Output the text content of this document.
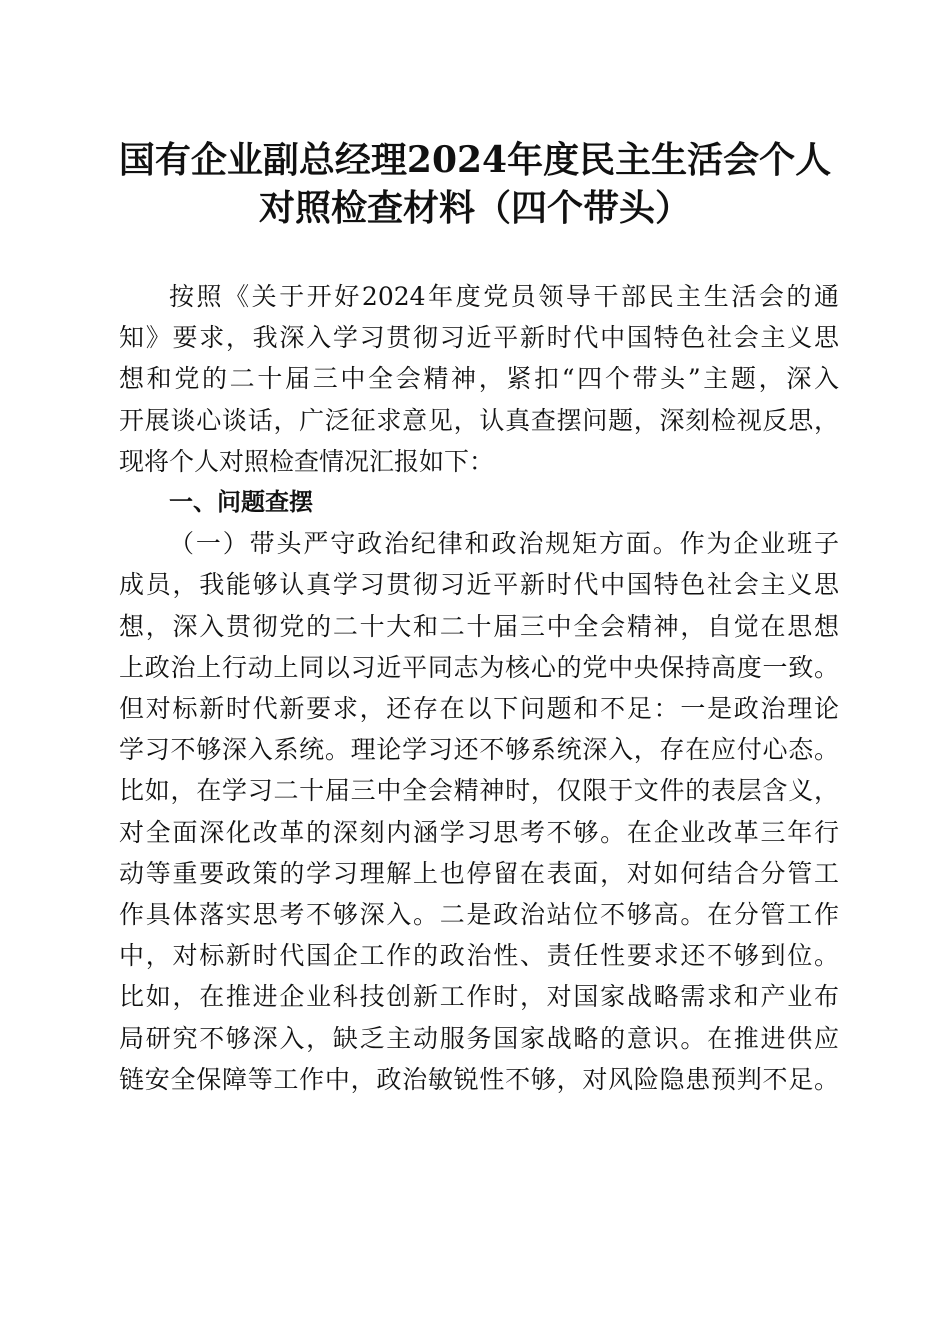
国有企业副总经理2024年度民主生活会个人
对照检查材料（四个带头）
按照《关于开好2024年度党员领导干部民主生活会的通
知》要求，我深入学习贯彻习近平新时代中国特色社会主义思
想和党的二十届三中全会精神，紧扣“四个带头”主题，深入
开展谈心谈话，广泛征求意见，认真查摆问题，深刻检视反思，
现将个人对照检查情况汇报如下：
一、问题查摆
（一）带头严守政治纪律和政治规矩方面。作为企业班子
成员，我能够认真学习贯彻习近平新时代中国特色社会主义思
想，深入贯彻党的二十大和二十届三中全会精神，自觉在思想
上政治上行动上同以习近平同志为核心的党中央保持高度一致。
但对标新时代新要求，还存在以下问题和不足：一是政治理论
学习不够深入系统。理论学习还不够系统深入，存在应付心态。
比如，在学习二十届三中全会精神时，仅限于文件的表层含义，
对全面深化改革的深刻内涵学习思考不够。在企业改革三年行
动等重要政策的学习理解上也停留在表面，对如何结合分管工
作具体落实思考不够深入。二是政治站位不够高。在分管工作
中，对标新时代国企工作的政治性、责任性要求还不够到位。
比如，在推进企业科技创新工作时，对国家战略需求和产业布
局研究不够深入，缺乏主动服务国家战略的意识。在推进供应
链安全保障等工作中，政治敏锐性不够，对风险隐患预判不足。
